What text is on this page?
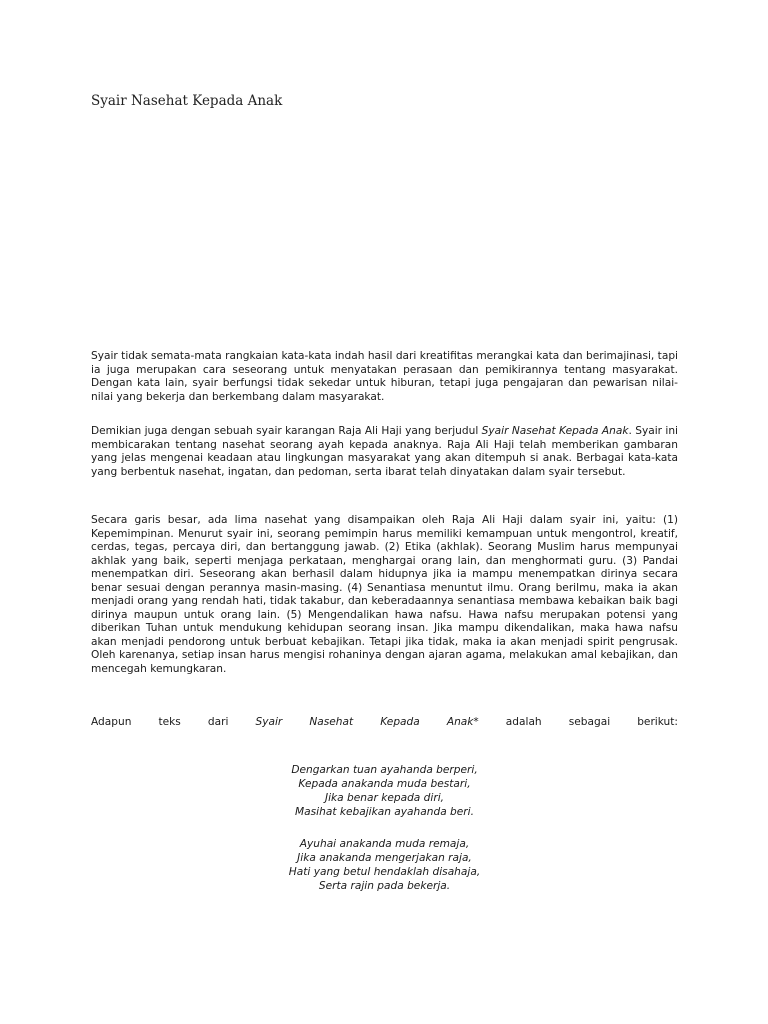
Syair Nasehat Kepada Anak

Syair tidak semata-mata rangkaian kata-kata indah hasil dari kreatifitas merangkai kata dan berimajinasi, tapi ia juga merupakan cara seseorang untuk menyatakan perasaan dan pemikirannya tentang masyarakat. Dengan kata lain, syair berfungsi tidak sekedar untuk hiburan, tetapi juga pengajaran dan pewarisan nilai-nilai yang bekerja dan berkembang dalam masyarakat.

Demikian juga dengan sebuah syair karangan Raja Ali Haji yang berjudul Syair Nasehat Kepada Anak. Syair ini membicarakan tentang nasehat seorang ayah kepada anaknya. Raja Ali Haji telah memberikan gambaran yang jelas mengenai keadaan atau lingkungan masyarakat yang akan ditempuh si anak. Berbagai kata-kata yang berbentuk nasehat, ingatan, dan pedoman, serta ibarat telah dinyatakan dalam syair tersebut.

Secara garis besar, ada lima nasehat yang disampaikan oleh Raja Ali Haji dalam syair ini, yaitu: (1) Kepemimpinan. Menurut syair ini, seorang pemimpin harus memiliki kemampuan untuk mengontrol, kreatif, cerdas, tegas, percaya diri, dan bertanggung jawab. (2) Etika (akhlak). Seorang Muslim harus mempunyai akhlak yang baik, seperti menjaga perkataan, menghargai orang lain, dan menghormati guru. (3) Pandai menempatkan diri. Seseorang akan berhasil dalam hidupnya jika ia mampu menempatkan dirinya secara benar sesuai dengan perannya masin-masing. (4) Senantiasa menuntut ilmu. Orang berilmu, maka ia akan menjadi orang yang rendah hati, tidak takabur, dan keberadaannya senantiasa membawa kebaikan baik bagi dirinya maupun untuk orang lain. (5) Mengendalikan hawa nafsu. Hawa nafsu merupakan potensi yang diberikan Tuhan untuk mendukung kehidupan seorang insan. Jika mampu dikendalikan, maka hawa nafsu akan menjadi pendorong untuk berbuat kebajikan. Tetapi jika tidak, maka ia akan menjadi spirit pengrusak. Oleh karenanya, setiap insan harus mengisi rohaninya dengan ajaran agama, melakukan amal kebajikan, dan mencegah kemungkaran.

Adapun teks dari Syair Nasehat Kepada Anak* adalah sebagai berikut:

Dengarkan tuan ayahanda berperi,
Kepada anakanda muda bestari,
Jika benar kepada diri,
Masihat kebajikan ayahanda beri.
Ayuhai anakanda muda remaja,
Jika anakanda mengerjakan raja,
Hati yang betul hendaklah disahaja,
Serta rajin pada bekerja.
